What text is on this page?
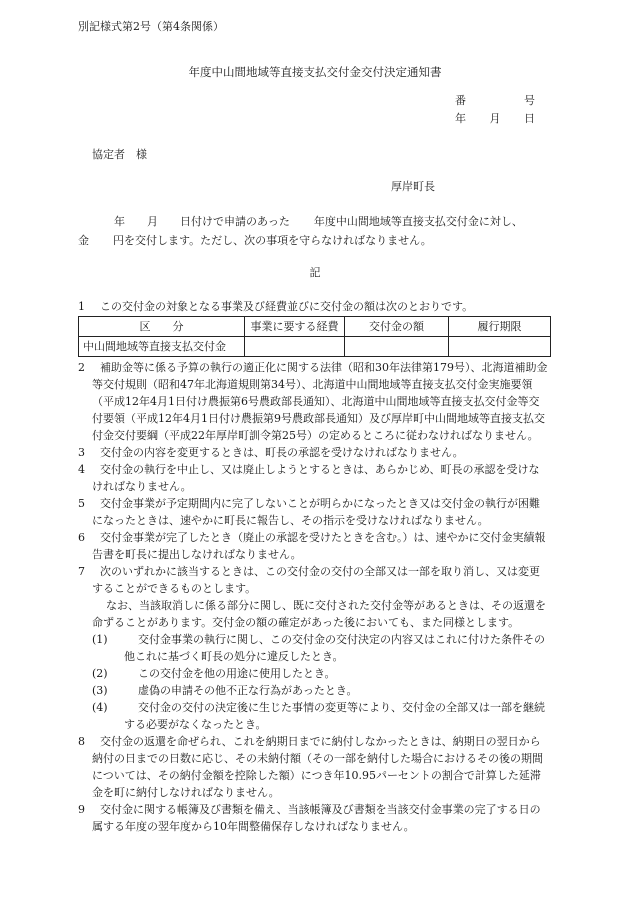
別記様式第2号（第4条関係）
年度中山間地域等直接支払交付金交付決定通知書
番	号
年 月 日
協定者　様
厚岸町長
年 月 日付けで申請のあった 年度中山間地域等直接支払交付金に対し、
金 円を交付します。ただし、次の事項を守らなければなりません。
記
1	この交付金の対象となる事業及び経費並びに交付金の額は次のとおりです。
区　　分	事業に要する経費	交付金の額	履行期限
中山間地域等直接支払交付金			
2	補助金等に係る予算の執行の適正化に関する法律（昭和30年法律第179号）、北海道補助金等交付規則（昭和47年北海道規則第34号）、北海道中山間地域等直接支払交付金実施要領（平成12年4月1日付け農振第6号農政部長通知）、北海道中山間地域等直接支払交付金等交付要領（平成12年4月1日付け農振第9号農政部長通知）及び厚岸町中山間地域等直接支払交付金交付要綱（平成22年厚岸町訓令第25号）の定めるところに従わなければなりません。
3	交付金の内容を変更するときは、町長の承認を受けなければなりません。
4	交付金の執行を中止し、又は廃止しようとするときは、あらかじめ、町長の承認を受けなければなりません。
5	交付金事業が予定期間内に完了しないことが明らかになったとき又は交付金の執行が困難になったときは、速やかに町長に報告し、その指示を受けなければなりません。
6	交付金事業が完了したとき（廃止の承認を受けたときを含む。）は、速やかに交付金実績報告書を町長に提出しなければなりません。
7	次のいずれかに該当するときは、この交付金の交付の全部又は一部を取り消し、又は変更することができるものとします。
なお、当該取消しに係る部分に関し、既に交付された交付金等があるときは、その返還を命ずることがあります。交付金の額の確定があった後においても、また同様とします。
(1)	交付金事業の執行に関し、この交付金の交付決定の内容又はこれに付けた条件その他これに基づく町長の処分に違反したとき。
(2)	この交付金を他の用途に使用したとき。
(3)	虚偽の申請その他不正な行為があったとき。
(4)	交付金の交付の決定後に生じた事情の変更等により、交付金の全部又は一部を継続する必要がなくなったとき。
8	交付金の返還を命ぜられ、これを納期日までに納付しなかったときは、納期日の翌日から納付の日までの日数に応じ、その未納付額（その一部を納付した場合におけるその後の期間については、その納付金額を控除した額）につき年10.95パーセントの割合で計算した延滞金を町に納付しなければなりません。
9	交付金に関する帳簿及び書類を備え、当該帳簿及び書類を当該交付金事業の完了する日の属する年度の翌年度から10年間整備保存しなければなりません。
